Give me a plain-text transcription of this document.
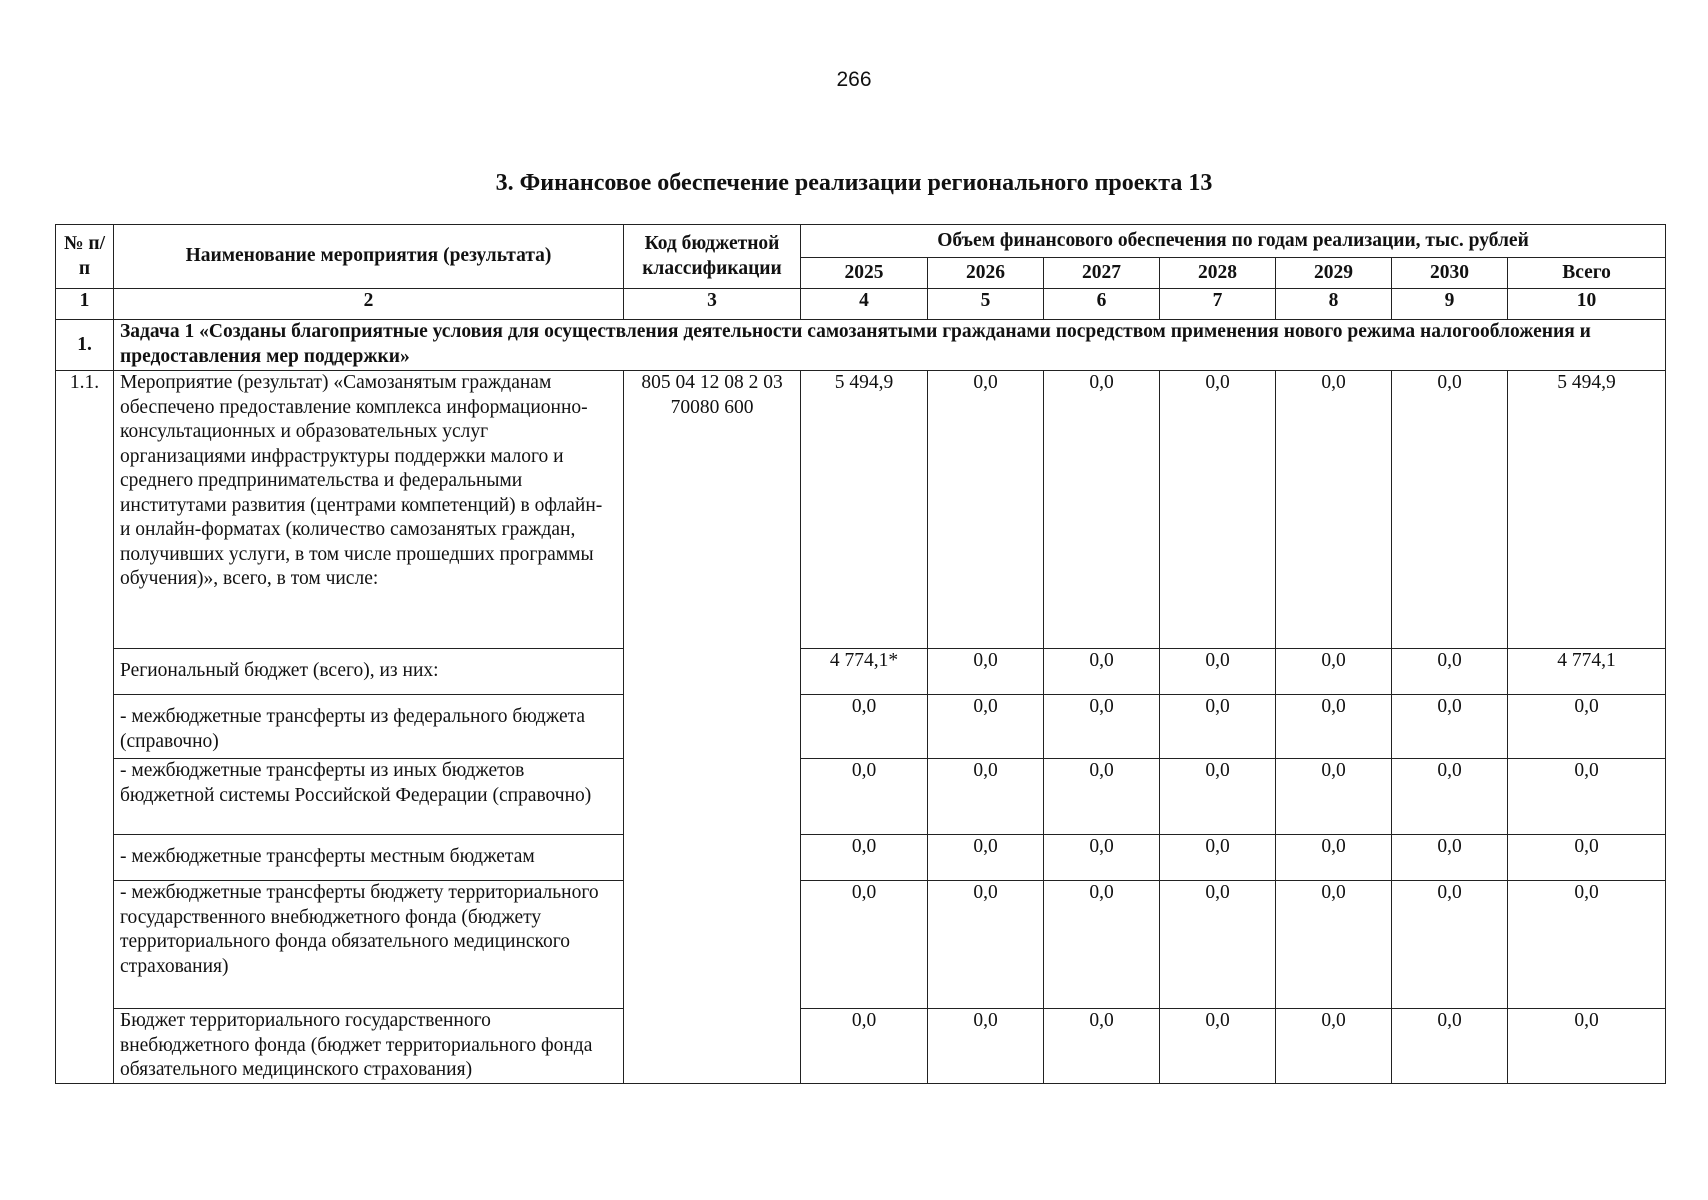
266
3. Финансовое обеспечение реализации регионального проекта 13
№ п/п	Наименование мероприятия (результата)	Код бюджетной классификации	Объем финансового обеспечения по годам реализации, тыс. рублей						
			2025	2026	2027	2028	2029	2030	Всего
1	2	3	4	5	6	7	8	9	10
1.	Задача 1 «Созданы благоприятные условия для осуществления деятельности самозанятыми гражданами посредством применения нового режима налогообложения и предоставления мер поддержки»								
1.1.	Мероприятие (результат) «Самозанятым гражданам обеспечено предоставление комплекса информационно-консультационных и образовательных услуг организациями инфраструктуры поддержки малого и среднего предпринимательства и федеральными институтами развития (центрами компетенций) в офлайн- и онлайн-форматах (количество самозанятых граждан, получивших услуги, в том числе прошедших программы обучения)», всего, в том числе:	805 04 12 08 2 03 70080 600	5 494,9	0,0	0,0	0,0	0,0	0,0	5 494,9
	Региональный бюджет (всего), из них:		4 774,1*	0,0	0,0	0,0	0,0	0,0	4 774,1
	- межбюджетные трансферты из федерального бюджета (справочно)		0,0	0,0	0,0	0,0	0,0	0,0	0,0
	- межбюджетные трансферты из иных бюджетов бюджетной системы Российской Федерации (справочно)		0,0	0,0	0,0	0,0	0,0	0,0	0,0
	- межбюджетные трансферты местным бюджетам		0,0	0,0	0,0	0,0	0,0	0,0	0,0
	- межбюджетные трансферты бюджету территориального государственного внебюджетного фонда (бюджету территориального фонда обязательного медицинского страхования)		0,0	0,0	0,0	0,0	0,0	0,0	0,0
	Бюджет территориального государственного внебюджетного фонда (бюджет территориального фонда обязательного медицинского страхования)		0,0	0,0	0,0	0,0	0,0	0,0	0,0
